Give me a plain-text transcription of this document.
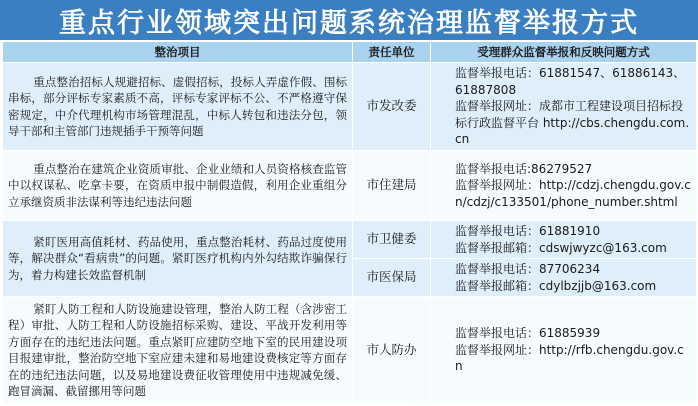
重点行业领域突出问题系统治理监督举报方式
整治项目	责任单位	受理群众监督举报和反映问题方式
重点整治招标人规避招标、虚假招标，投标人弄虚作假、围标串标，部分评标专家素质不高，评标专家评标不公、不严格遵守保密规定，中介代理机构市场管理混乱，中标人转包和违法分包，领导干部和主管部门违规插手干预等问题	市发改委	监督举报电话：61881547、61886143、61887808
监督举报网址：成都市工程建设项目招标投标行政监督平台 http://cbs.chengdu.com.cn

重点整治在建筑企业资质审批、企业业绩和人员资格核查监管中以权谋私、吃拿卡要，在资质申报中制假造假，利用企业重组分立承继资质非法谋利等违纪违法问题	市住建局	监督举报电话:86279527
监督举报网址：http://cdzj.chengdu.gov.cn/cdzj/c133501/phone_number.shtml

紧盯医用高值耗材、药品使用，重点整治耗材、药品过度使用等，解决群众“看病贵”的问题。紧盯医疗机构内外勾结欺诈骗保行为，着力构建长效监督机制	市卫健委	监督举报电话：61881910
监督举报邮箱：cdswjwyzc@163.com

	市医保局	监督举报电话：87706234
监督举报邮箱：cdylbzjjb@163.com

紧盯人防工程和人防设施建设管理，整治人防工程（含涉密工程）审批、人防工程和人防设施招标采购、建设、平战开发利用等方面存在的违纪违法问题。重点紧盯应建防空地下室的民用建设项目报建审批，整治防空地下室应建未建和易地建设费核定等方面存在的违纪违法问题，以及易地建设费征收管理使用中违规减免缓、跑冒滴漏、截留挪用等问题	市人防办	监督举报电话：61885939
监督举报网址：http://rfb.chengdu.gov.cn
